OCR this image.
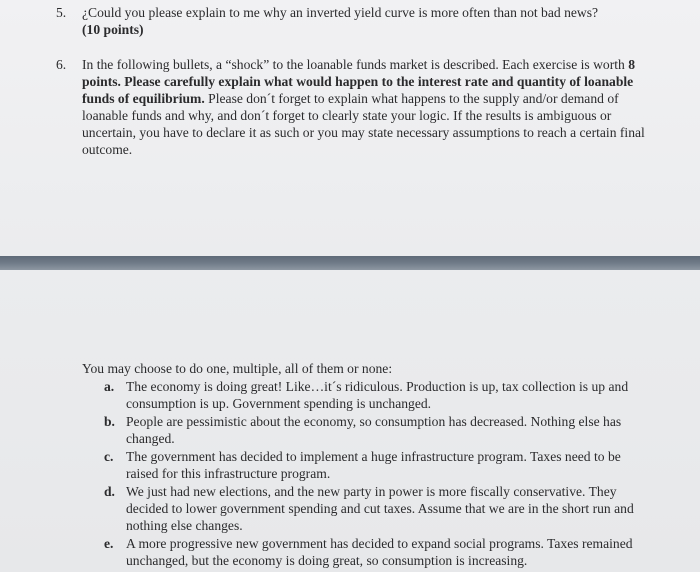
5. ¿Could you please explain to me why an inverted yield curve is more often than not bad news?
(10 points)
6. In the following bullets, a “shock” to the loanable funds market is described. Each exercise is worth 8 points. Please carefully explain what would happen to the interest rate and quantity of loanable funds of equilibrium. Please don´t forget to explain what happens to the supply and/or demand of loanable funds and why, and don´t forget to clearly state your logic. If the results is ambiguous or uncertain, you have to declare it as such or you may state necessary assumptions to reach a certain final outcome.
You may choose to do one, multiple, all of them or none:
a. The economy is doing great! Like…it´s ridiculous. Production is up, tax collection is up and consumption is up. Government spending is unchanged.
b. People are pessimistic about the economy, so consumption has decreased. Nothing else has changed.
c. The government has decided to implement a huge infrastructure program. Taxes need to be raised for this infrastructure program.
d. We just had new elections, and the new party in power is more fiscally conservative. They decided to lower government spending and cut taxes. Assume that we are in the short run and nothing else changes.
e. A more progressive new government has decided to expand social programs. Taxes remained unchanged, but the economy is doing great, so consumption is increasing.
